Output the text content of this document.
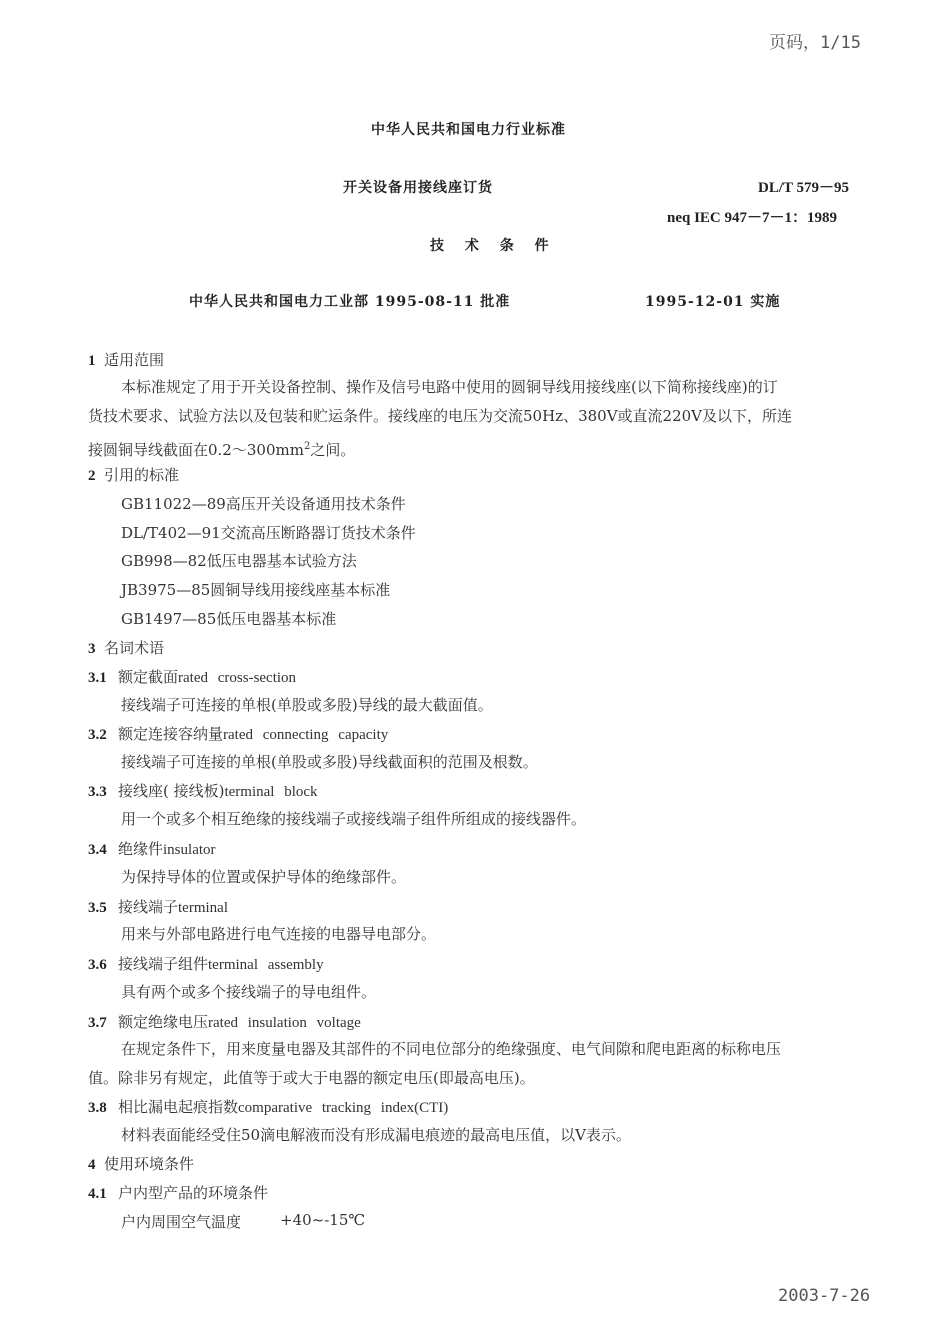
页码，1/15
2003-7-26
中华人民共和国电力行业标准
开关设备用接线座订货	DL/T 579－95
neq IEC 947－7－1：1989
技 术 条 件
中华人民共和国电力工业部 1995-08-11 批准	1995-12-01 实施
1 适用范围
本标准规定了用于开关设备控制、操作及信号电路中使用的圆铜导线用接线座(以下简称接线座)的订
货技术要求、试验方法以及包装和贮运条件。接线座的电压为交流50Hz、380V或直流220V及以下，所连
接圆铜导线截面在$0.2\sim 300mm^2$之间。
2 引用的标准
GB11022—89高压开关设备通用技术条件
DL/T402—91交流高压断路器订货技术条件
GB998—82低压电器基本试验方法
JB3975—85圆铜导线用接线座基本标准
GB1497—85低压电器基本标准
3 名词术语
3.1 额定截面rated cross-section
接线端子可连接的单根(单股或多股)导线的最大截面值。
3.2 额定连接容纳量rated connecting capacity
接线端子可连接的单根(单股或多股)导线截面积的范围及根数。
3.3 接线座( 接线板)terminal block
用一个或多个相互绝缘的接线端子或接线端子组件所组成的接线器件。
3.4 绝缘件insulator
为保持导体的位置或保护导体的绝缘部件。
3.5 接线端子terminal
用来与外部电路进行电气连接的电器导电部分。
3.6 接线端子组件terminal assembly
具有两个或多个接线端子的导电组件。
3.7 额定绝缘电压rated insulation voltage
在规定条件下，用来度量电器及其部件的不同电位部分的绝缘强度、电气间隙和爬电距离的标称电压
值。除非另有规定，此值等于或大于电器的额定电压(即最高电压)。
3.8 相比漏电起痕指数comparative tracking index(CTI)
材料表面能经受住50滴电解液而没有形成漏电痕迹的最高电压值，以V表示。
4 使用环境条件
4.1 户内型产品的环境条件
户内周围空气温度	+40~-15℃
